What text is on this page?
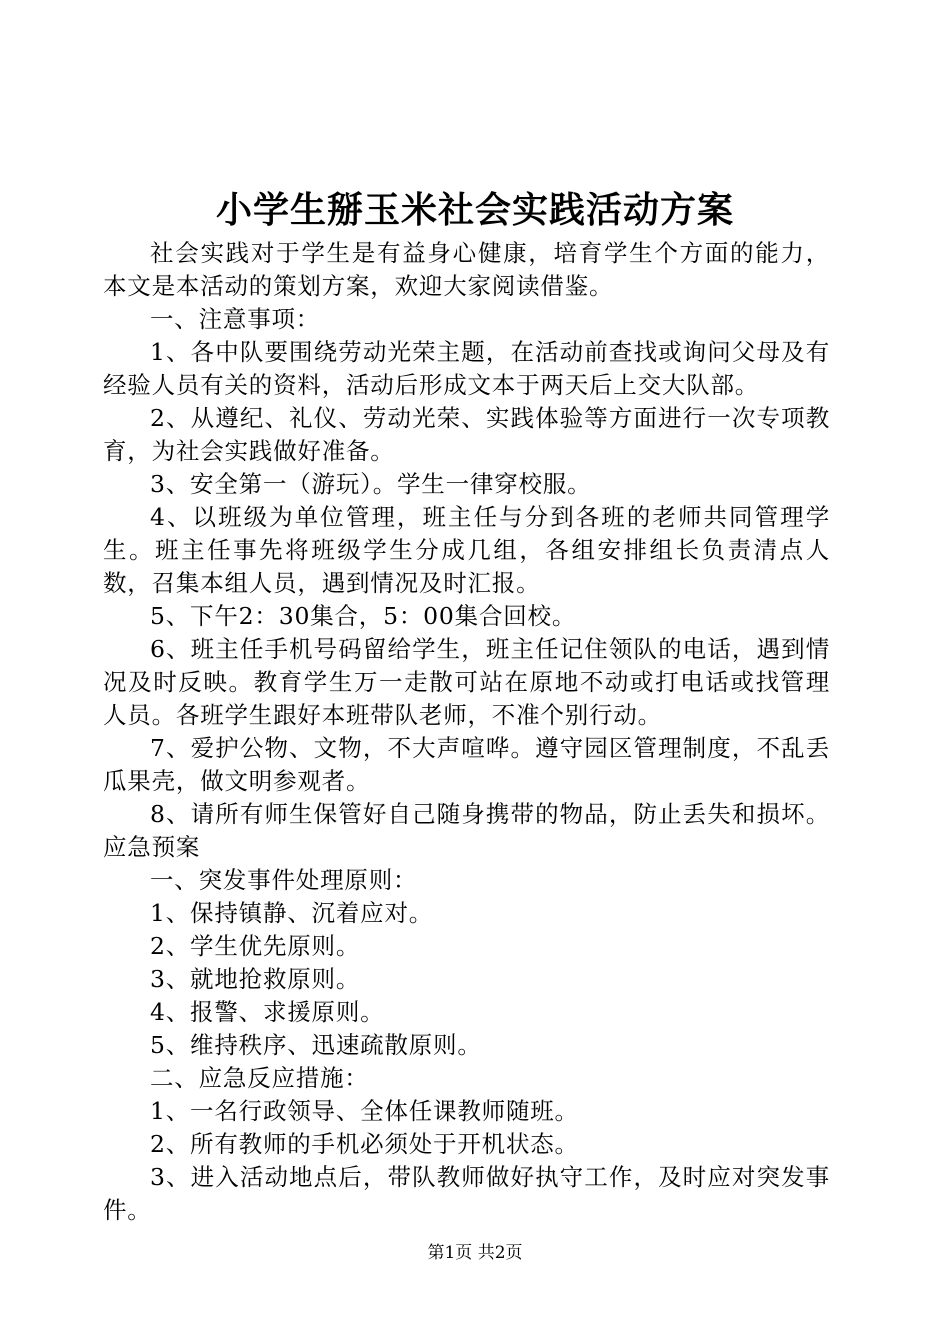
小学生掰玉米社会实践活动方案

社会实践对于学生是有益身心健康，培育学生个方面的能力，本文是本活动的策划方案，欢迎大家阅读借鉴。

一、注意事项：

1、各中队要围绕劳动光荣主题，在活动前查找或询问父母及有经验人员有关的资料，活动后形成文本于两天后上交大队部。

2、从遵纪、礼仪、劳动光荣、实践体验等方面进行一次专项教育，为社会实践做好准备。

3、安全第一（游玩）。学生一律穿校服。

4、以班级为单位管理，班主任与分到各班的老师共同管理学生。班主任事先将班级学生分成几组，各组安排组长负责清点人数，召集本组人员，遇到情况及时汇报。

5、下午2：30集合，5：00集合回校。

6、班主任手机号码留给学生，班主任记住领队的电话，遇到情况及时反映。教育学生万一走散可站在原地不动或打电话或找管理人员。各班学生跟好本班带队老师，不准个别行动。

7、爱护公物、文物，不大声喧哗。遵守园区管理制度，不乱丢瓜果壳，做文明参观者。

8、请所有师生保管好自己随身携带的物品，防止丢失和损坏。应急预案

一、突发事件处理原则：

1、保持镇静、沉着应对。

2、学生优先原则。

3、就地抢救原则。

4、报警、求援原则。

5、维持秩序、迅速疏散原则。

二、应急反应措施：

1、一名行政领导、全体任课教师随班。

2、所有教师的手机必须处于开机状态。

3、进入活动地点后，带队教师做好执守工作，及时应对突发事件。

第1页 共2页
